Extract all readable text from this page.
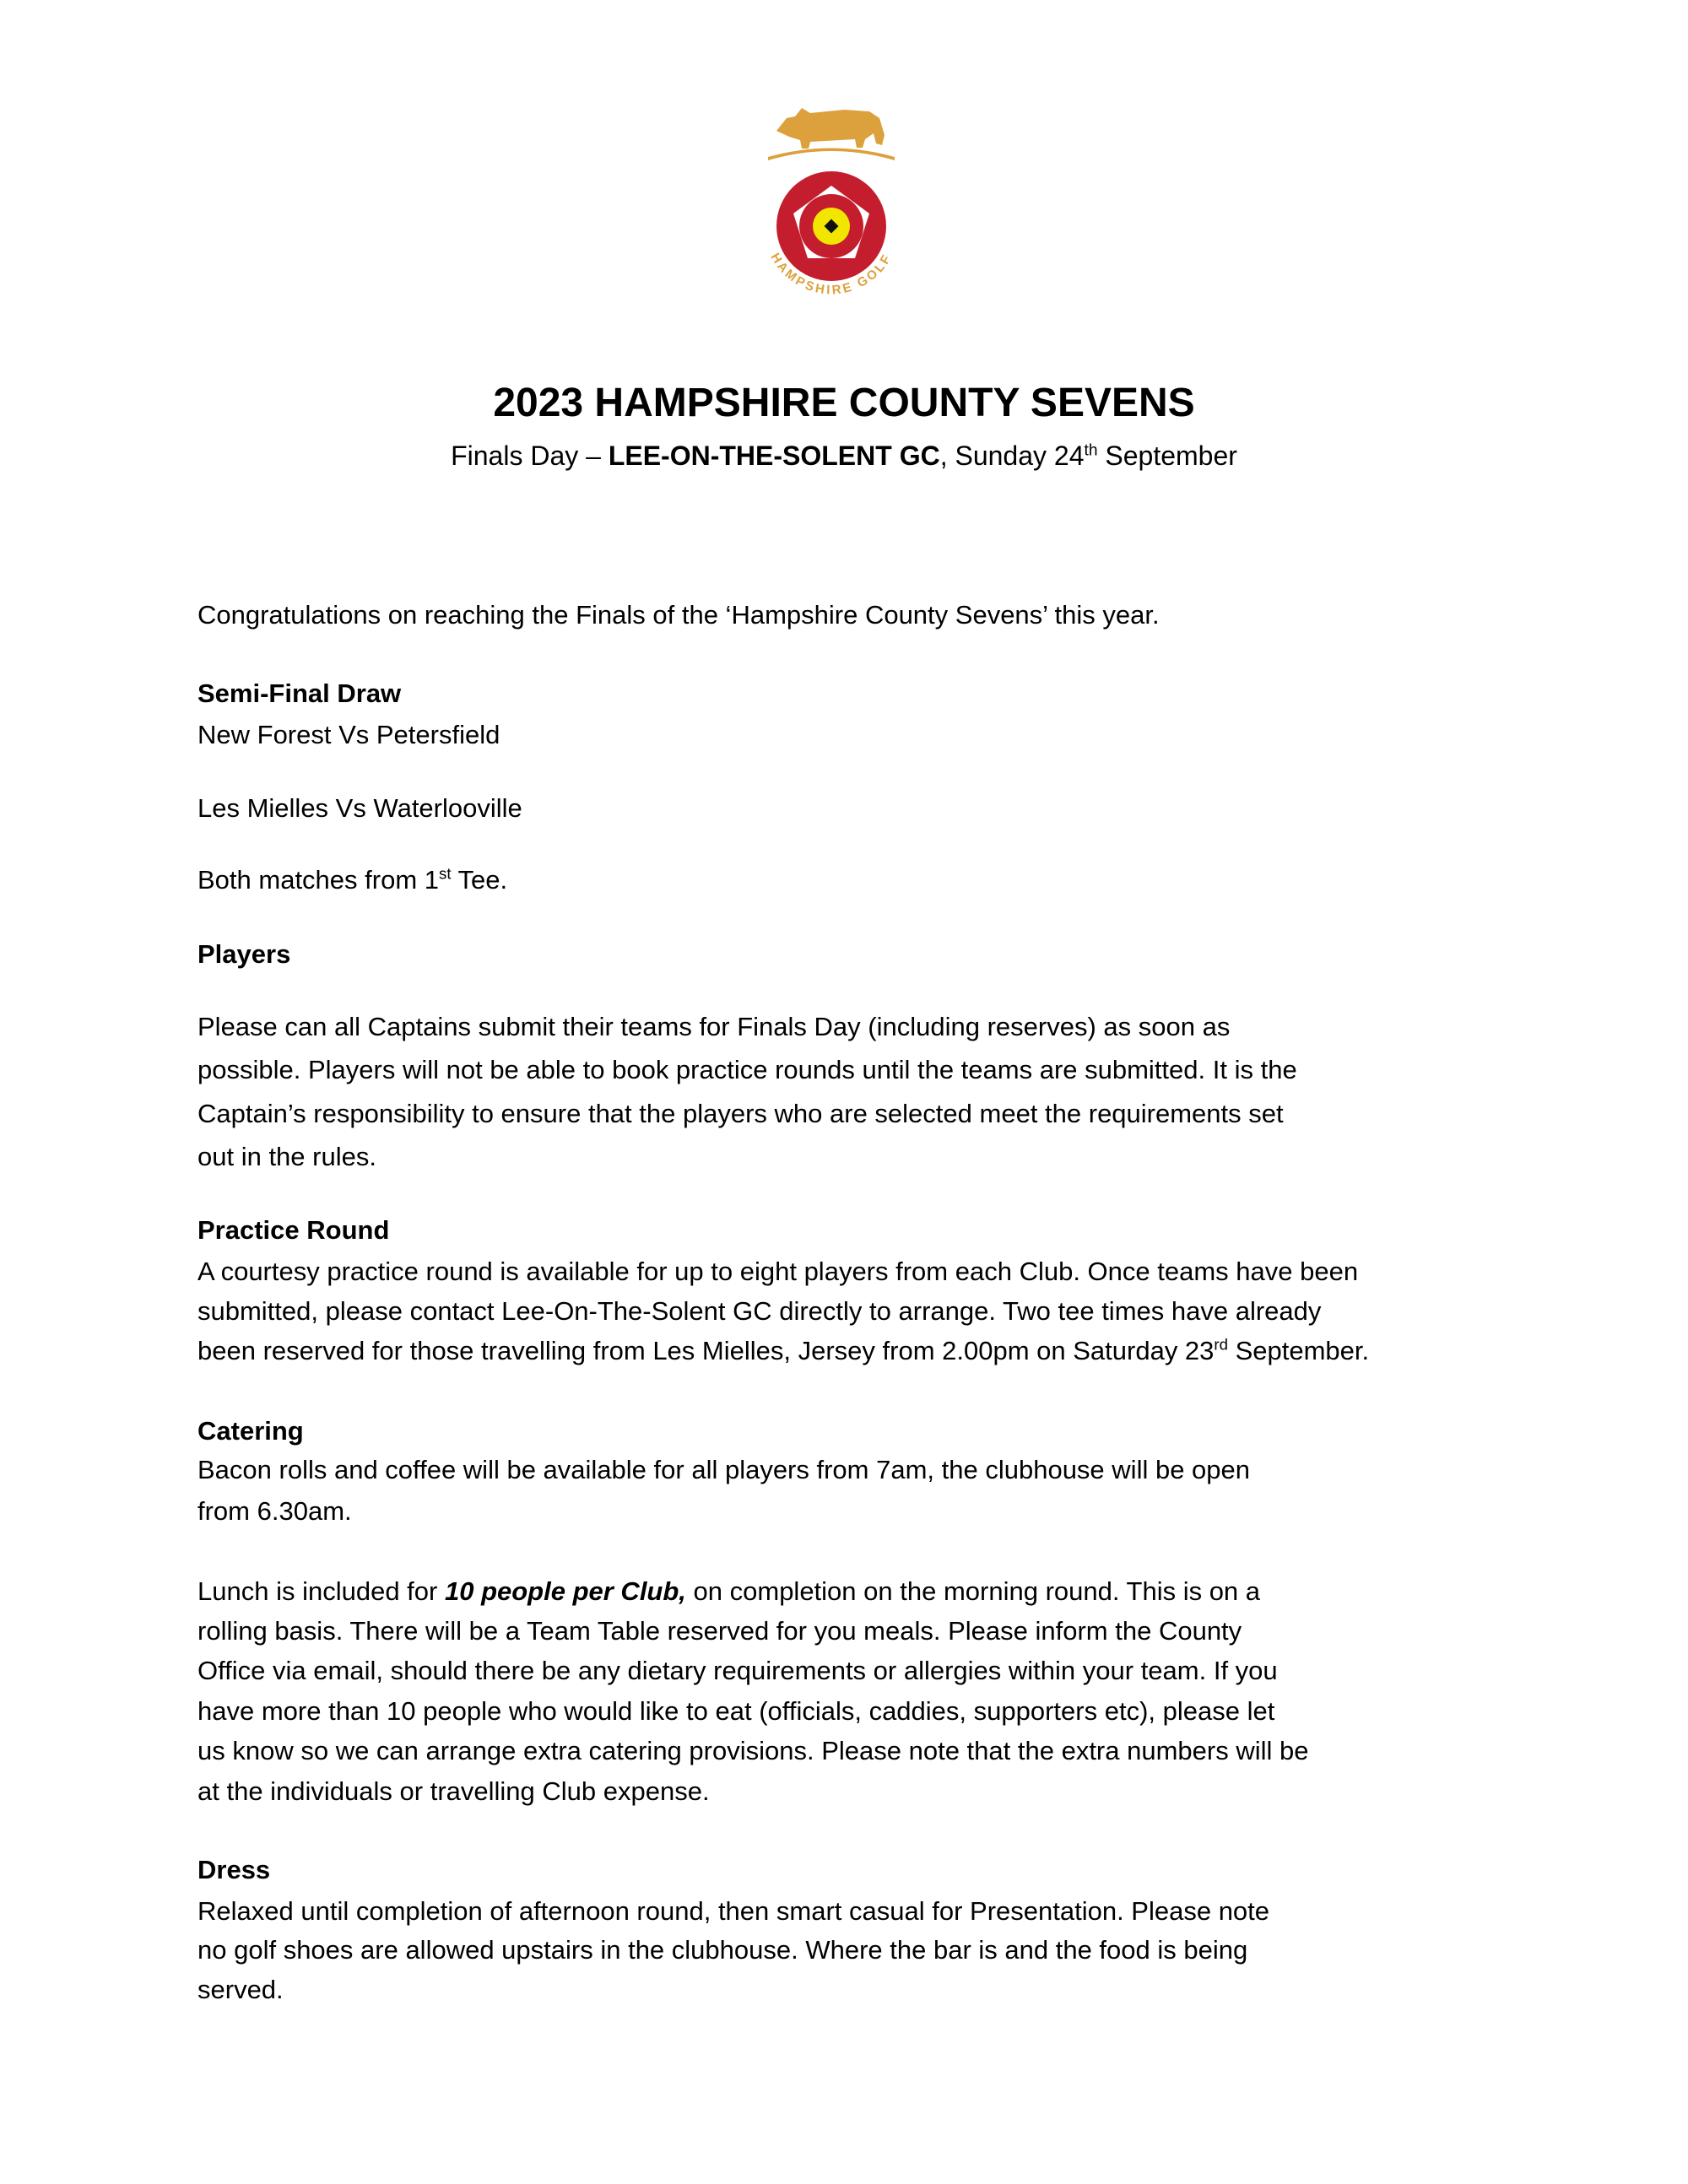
HAMPSHIRE GOLF
2023 HAMPSHIRE COUNTY SEVENS
Finals Day – LEE-ON-THE-SOLENT GC, Sunday 24th September
Congratulations on reaching the Finals of the ‘Hampshire County Sevens’ this year.
Semi-Final Draw
New Forest Vs Petersfield
Les Mielles Vs Waterlooville
Both matches from 1st Tee.
Players
Please can all Captains submit their teams for Finals Day (including reserves) as soon as
possible. Players will not be able to book practice rounds until the teams are submitted. It is the
Captain’s responsibility to ensure that the players who are selected meet the requirements set
out in the rules.
Practice Round
A courtesy practice round is available for up to eight players from each Club. Once teams have been
submitted, please contact Lee-On-The-Solent GC directly to arrange. Two tee times have already
been reserved for those travelling from Les Mielles, Jersey from 2.00pm on Saturday 23rd September.
Catering
Bacon rolls and coffee will be available for all players from 7am, the clubhouse will be open
from 6.30am.
Lunch is included for 10 people per Club, on completion on the morning round. This is on a
rolling basis. There will be a Team Table reserved for you meals. Please inform the County
Office via email, should there be any dietary requirements or allergies within your team. If you
have more than 10 people who would like to eat (officials, caddies, supporters etc), please let
us know so we can arrange extra catering provisions. Please note that the extra numbers will be
at the individuals or travelling Club expense.
Dress
Relaxed until completion of afternoon round, then smart casual for Presentation. Please note
no golf shoes are allowed upstairs in the clubhouse. Where the bar is and the food is being
served.
